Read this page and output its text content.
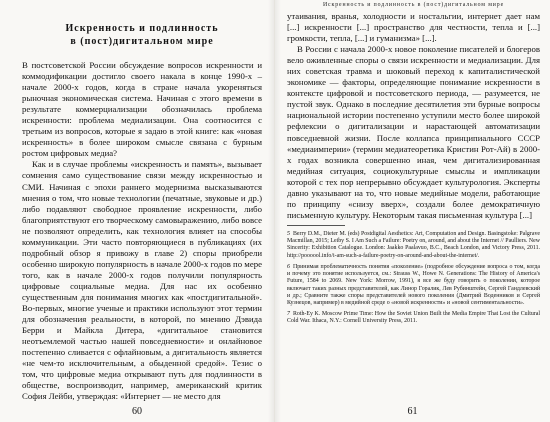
Искренность и подлинность
в (пост)дигитальном мире

В постсоветской России обсуждение вопросов искренности и коммодификации достигло своего накала в конце 1990-х – начале 2000-х годов, когда в стране начала укореняться рыночная экономическая система. Начиная с этого времени в результате коммерциализации обозначилась проблема искренности: проблема медиализации. Она соотносится с третьим из вопросов, которые я задаю в этой книге: как «новая искренность» в более широком смысле связана с бурным ростом цифровых медиа?

Как и в случае проблемы «искренность и память», вызывает сомнения само существование связи между искренностью и СМИ. Начиная с эпохи раннего модернизма высказываются мнения о том, что новые технологии (печатные, звуковые и др.) либо подавляют свободное проявление искренности, либо благоприятствуют его творческому самовыражению, либо вовсе не позволяют определить, как технология влияет на способы коммуникации. Эти часто повторяющиеся в публикациях (их подробный обзор я привожу в главе 2) споры приобрели особенно широкую популярность в начале 2000-х годов по мере того, как в начале 2000-х годов получили популярность цифровые социальные медиа. Для нас их особенно существенным для понимания многих как «постдигитальной». Во-первых, многие ученые и практики используют этот термин для обозначения реальности, в которой, по мнению Дэвида Берри и Майкла Дитера, «дигитальное становится неотъемлемой частью нашей повседневности» и онлайновое постепенно сливается с офлайновым, а дигитальность является «не чем-то исключительным, а обыденной средой». Тезис о том, что цифровые медиа открывают путь для подлинности в обществе, воспроизводит, например, американский критик София Лейби, утверждая: «Интернет — не место для

60
Искренность и подлинность в (пост)дигитальном мире

утаивания, вранья, холодности и ностальгии, интернет дает нам [...] искренности [...] пространство для честности, тепла и [...] громкости, тепла, [...] и гуманизма» [...].

В России с начала 2000-х новое поколение писателей и блогеров вело оживленные споры о связи искренности и медиализации. Для них советская травма и шоковый переход к капиталистической экономике — факторы, определяющие понимание искренности в контексте цифровой и постсоветского периода, — разумеется, не пустой звук. Однако в последние десятилетия эти бурные вопросы национальной истории постепенно уступили место более широкой рефлексии о дигитализации и нарастающей автоматизации повседневной жизни. После коллапса принципиального СССР «медиаимперии» (термин медиатеоретика Кристин Рот-Ай) в 2000-х годах возникла совершенно иная, чем дигитализированная медийная ситуация, социокультурные смыслы и импликации которой с тех пор непрерывно обсуждает культурология. Эксперты давно указывают на то, что новые медийные модели, работающие по принципу «снизу вверх», создали более демократичную письменную культуру. Некоторым такая письменная культура [...]

5 Berry D.M., Dieter M. (eds) Postdigital Aesthetics: Art, Computation and Design. Basingstoke: Palgrave Macmillan, 2015; Leiby S. I Am Such a Failure: Poetry on, around, and about the Internet // Paulliers. New Sincerity: Exhibition Catalogue. London: Jaakko Paalavuo, B.C., Beach London, and Victory Press, 2011. http://poooool.info/i-am-such-a-failure-poetry-on-around-and-about-the-internet/.
6 Принимая проблематичность понятия «поколение» (подробное обсуждение вопроса о том, когда и почему это понятие используется, см.: Strauss W., Howe N. Generations: The History of America's Future, 1584 to 2069. New York: Morrow, 1991), я все же буду говорить о поколении, которое включает таких разных представителей, как Линор Горалик, Лев Рубинштейн, Сергей Гандлевский и др.; Сравните также споры представителей нового поколения (Дмитрий Воденников и Сергей Кузнецов, например) в медийной среде о «новой искренности» и «новой сентиментальности».
7 Roth-Ey K. Moscow Prime Time: How the Soviet Union Built the Media Empire That Lost the Cultural Cold War. Ithaca, N.Y.: Cornell University Press, 2011.
61
